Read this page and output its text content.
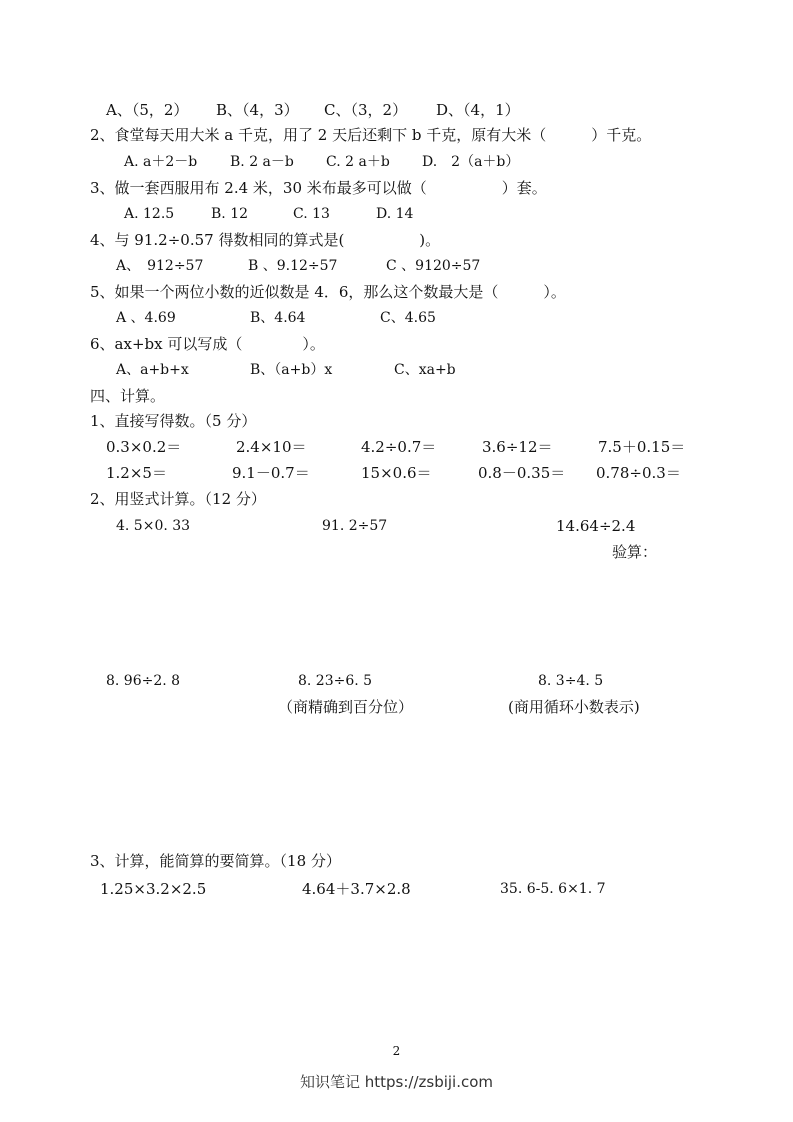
A、（5，2） B、（4，3） C、（3，2） D、（4，1）
2、食堂每天用大米 a 千克，用了 2 天后还剩下 b 千克，原有大米（　　　）千克。
A. a＋2－b B. 2 a－b C. 2 a＋b D.　2（a＋b）
3、做一套西服用布 2.4 米，30 米布最多可以做（　　　　　）套。
A. 12.5	B. 12	C. 13	D. 14
4、与 91.2÷0.57 得数相同的算式是(　　　　　)。
A、　912÷57	B 、9.12÷57	C 、9120÷57
5、如果一个两位小数的近似数是 4．6，那么这个数最大是（　　　）。
A 、4.69	B、4.64	C、4.65
6、ax+bx 可以写成（　　　　）。
A、a+b+x	B、（a+b）x	C、xa+b
四、计算。
1、直接写得数。（5 分）
0.3×0.2＝	2.4×10＝	4.2÷0.7＝	3.6÷12＝	7.5＋0.15＝
1.2×5＝	9.1－0.7＝	15×0.6＝	0.8－0.35＝ 0.78÷0.3＝
2、用竖式计算。（12 分）
4. 5×0. 33	91. 2÷57	14.64÷2.4
验算：
8. 96÷2. 8	8. 23÷6. 5	8. 3÷4. 5
（商精确到百分位）	(商用循环小数表示)
3、计算，能简算的要简算。（18 分）
1.25×3.2×2.5	4.64＋3.7×2.8	35. 6-5. 6×1. 7
2
知识笔记 https://zsbiji.com
